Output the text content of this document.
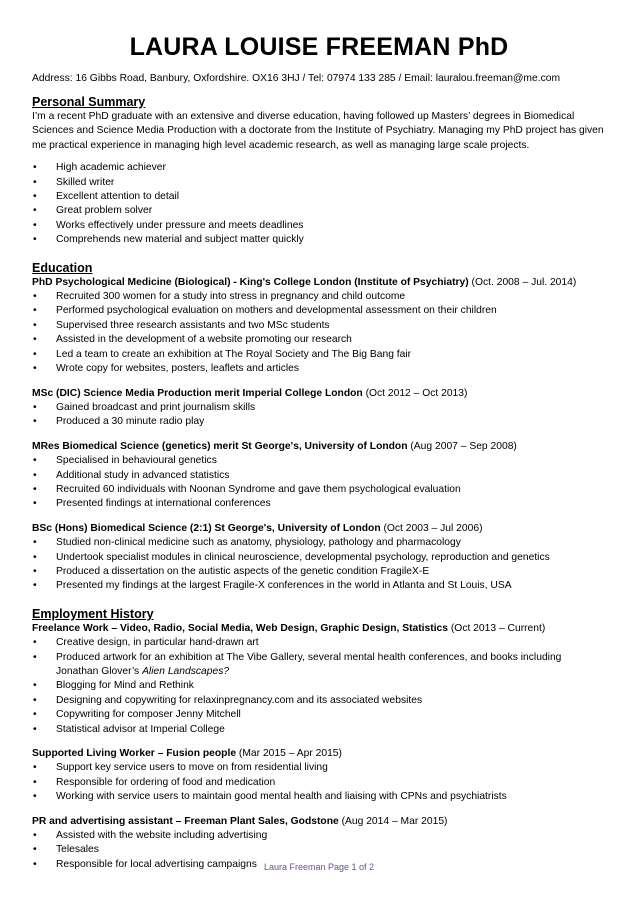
LAURA LOUISE FREEMAN PhD
Address: 16 Gibbs Road, Banbury, Oxfordshire. OX16 3HJ / Tel: 07974 133 285 / Email: lauralou.freeman@me.com

Personal Summary

I’m a recent PhD graduate with an extensive and diverse education, having followed up Masters’ degrees in Biomedical Sciences and Science Media Production with a doctorate from the Institute of Psychiatry. Managing my PhD project has given me practical experience in managing high level academic research, as well as managing large scale projects.

• High academic achiever
• Skilled writer
• Excellent attention to detail
• Great problem solver
• Works effectively under pressure and meets deadlines
• Comprehends new material and subject matter quickly

Education

PhD Psychological Medicine (Biological) - King's College London (Institute of Psychiatry) (Oct. 2008 – Jul. 2014)
• Recruited 300 women for a study into stress in pregnancy and child outcome
• Performed psychological evaluation on mothers and developmental assessment on their children
• Supervised three research assistants and two MSc students
• Assisted in the development of a website promoting our research
• Led a team to create an exhibition at The Royal Society and The Big Bang fair
• Wrote copy for websites, posters, leaflets and articles
MSc (DIC) Science Media Production merit Imperial College London (Oct 2012 – Oct 2013)
• Gained broadcast and print journalism skills
• Produced a 30 minute radio play
MRes Biomedical Science (genetics) merit St George's, University of London (Aug 2007 – Sep 2008)
• Specialised in behavioural genetics
• Additional study in advanced statistics
• Recruited 60 individuals with Noonan Syndrome and gave them psychological evaluation
• Presented findings at international conferences
BSc (Hons) Biomedical Science (2:1) St George's, University of London (Oct 2003 – Jul 2006)
• Studied non-clinical medicine such as anatomy, physiology, pathology and pharmacology
• Undertook specialist modules in clinical neuroscience, developmental psychology, reproduction and genetics
• Produced a dissertation on the autistic aspects of the genetic condition FragileX-E
• Presented my findings at the largest Fragile-X conferences in the world in Atlanta and St Louis, USA

Employment History

Freelance Work – Video, Radio, Social Media, Web Design, Graphic Design, Statistics (Oct 2013 – Current)
• Creative design, in particular hand-drawn art
• Produced artwork for an exhibition at The Vibe Gallery, several mental health conferences, and books including
Jonathan Glover’s Alien Landscapes?
• Blogging for Mind and Rethink
• Designing and copywriting for relaxinpregnancy.com and its associated websites
• Copywriting for composer Jenny Mitchell
• Statistical advisor at Imperial College
Supported Living Worker – Fusion people (Mar 2015 – Apr 2015)
• Support key service users to move on from residential living
• Responsible for ordering of food and medication
• Working with service users to maintain good mental health and liaising with CPNs and psychiatrists
PR and advertising assistant – Freeman Plant Sales, Godstone (Aug 2014 – Mar 2015)
• Assisted with the website including advertising
• Telesales
• Responsible for local advertising campaigns Laura Freeman Page 1 of 2
